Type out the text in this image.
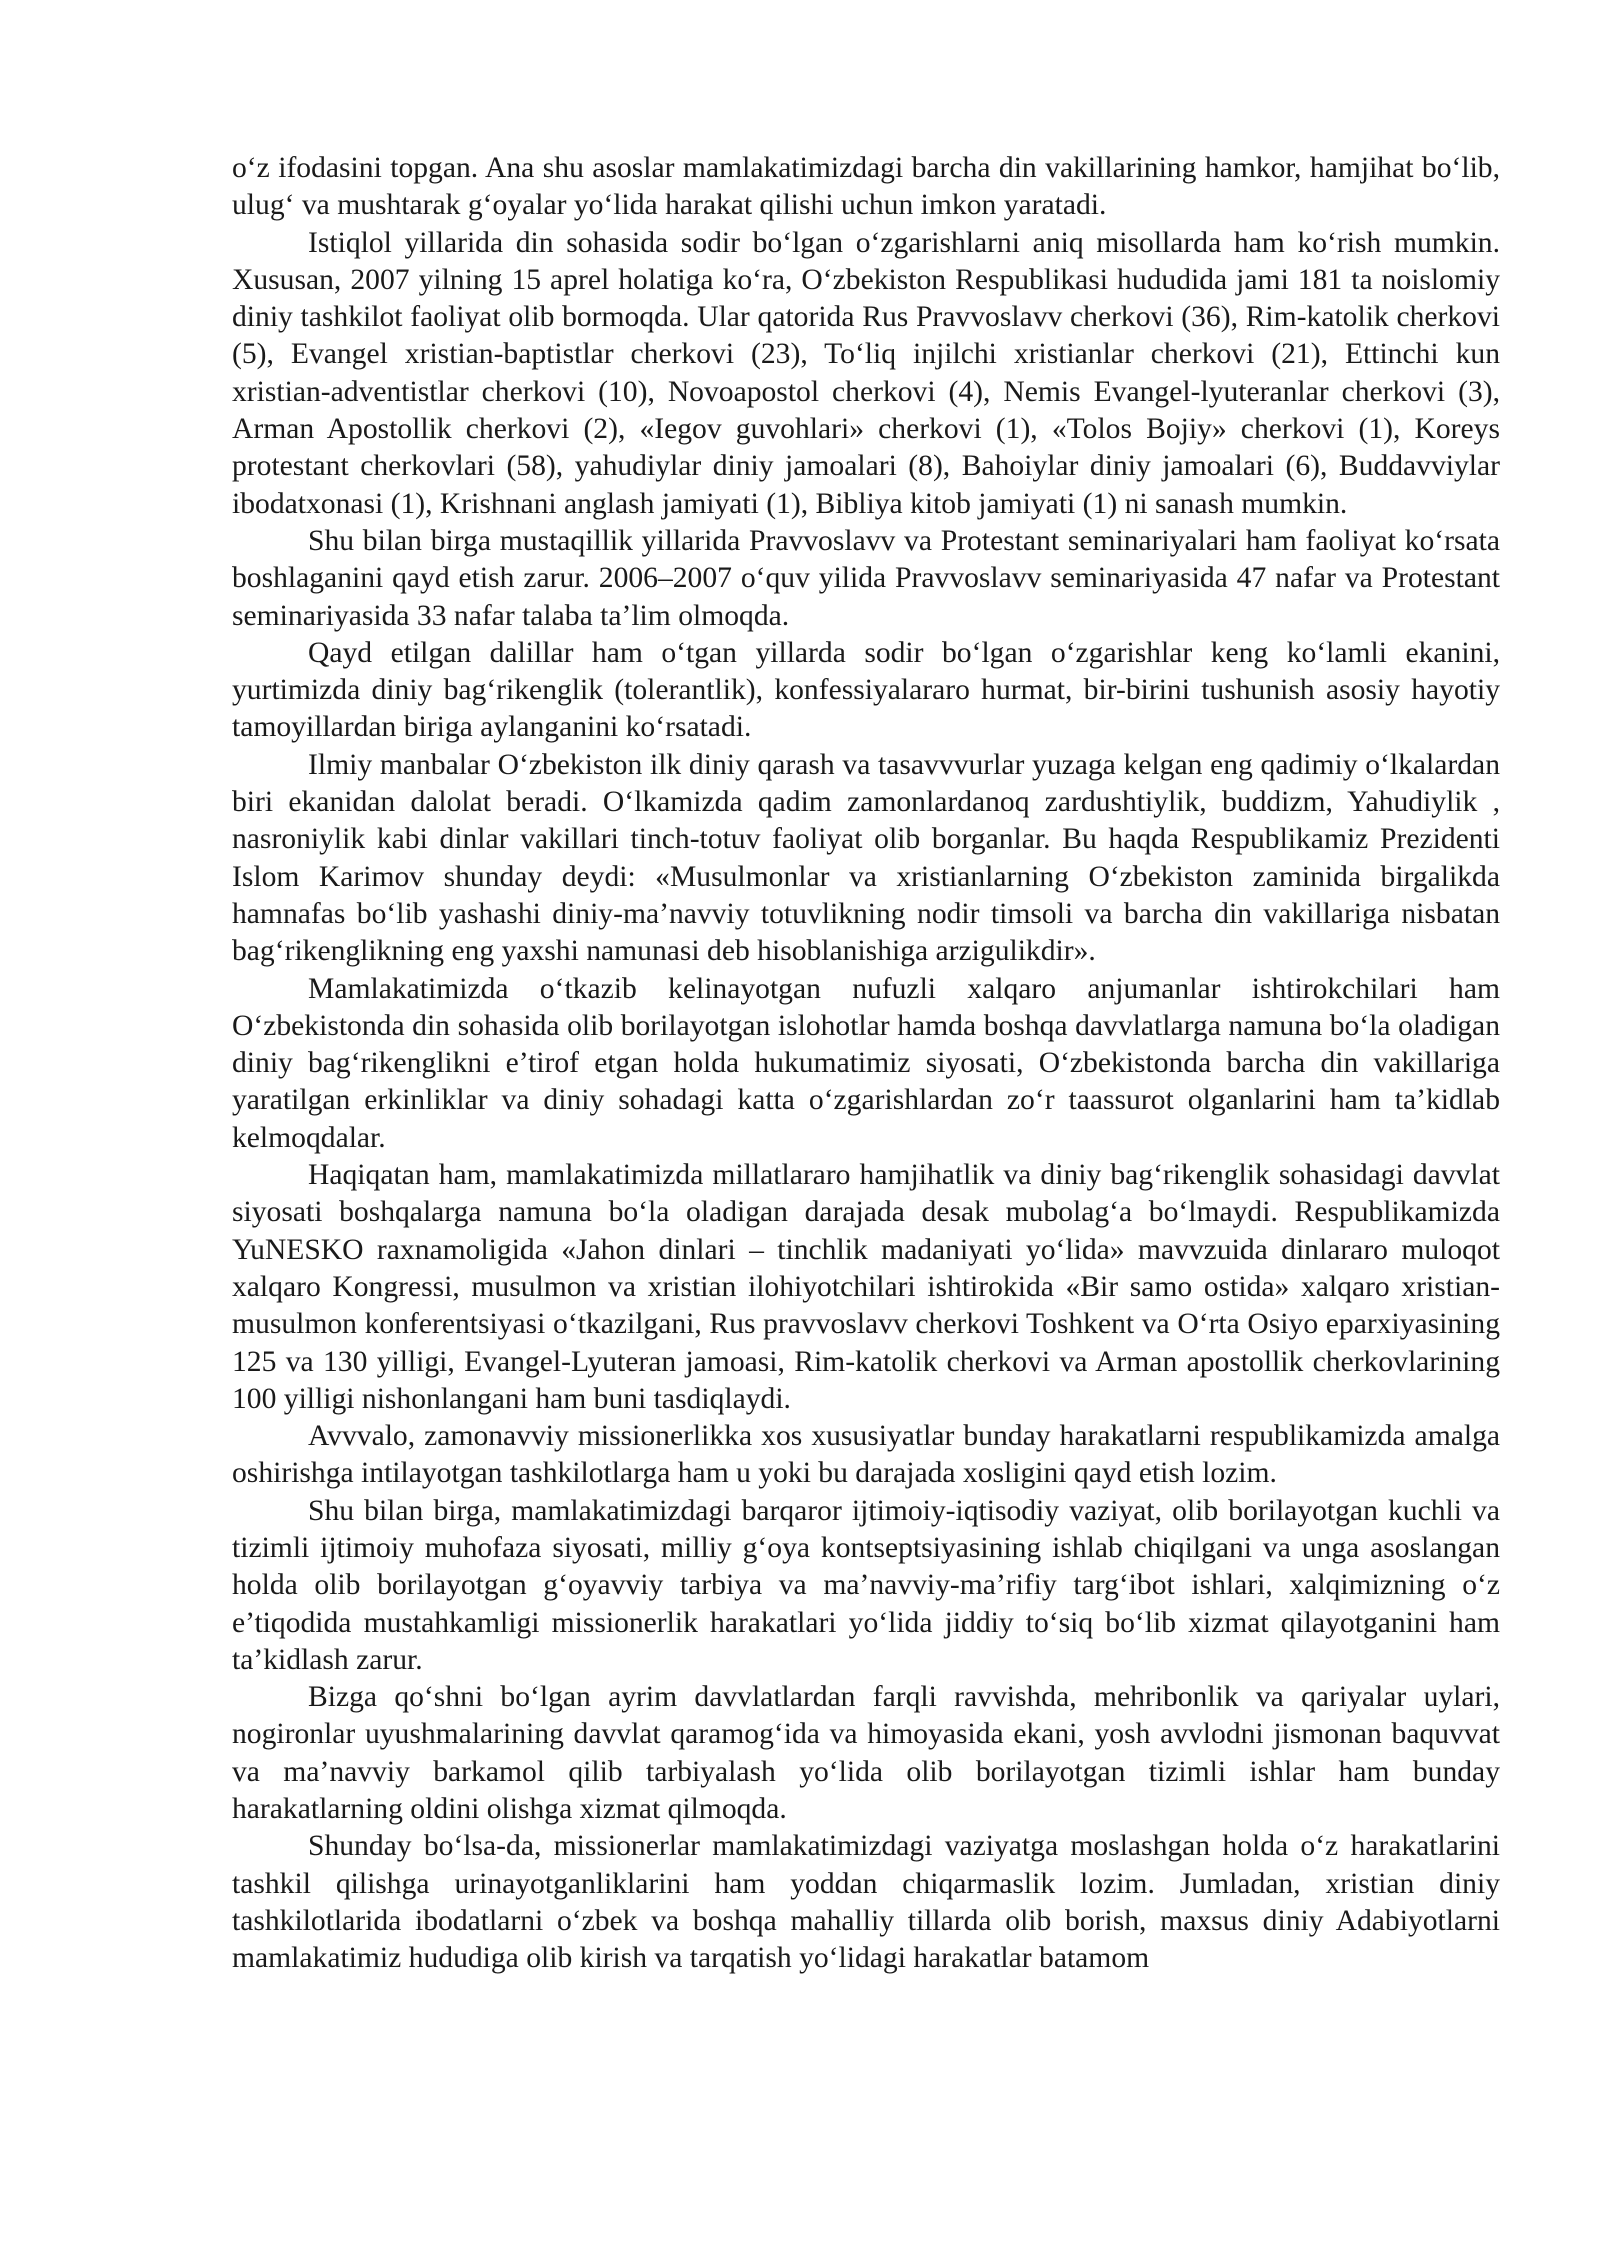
o‘z ifodasini topgan. Ana shu asoslar mamlakatimizdagi barcha din vakillarining hamkor, hamjihat bo‘lib, ulug‘ va mushtarak g‘oyalar yo‘lida harakat qilishi uchun imkon yaratadi.

Istiqlol yillarida din sohasida sodir bo‘lgan o‘zgarishlarni aniq misollarda ham ko‘rish mumkin. Xususan, 2007 yilning 15 aprel holatiga ko‘ra, O‘zbekiston Respublikasi hududida jami 181 ta noislomiy diniy tashkilot faoliyat olib bormoqda. Ular qatorida Rus Pravvoslavv cherkovi (36), Rim-katolik cherkovi (5), Evangel xristian-baptistlar cherkovi (23), To‘liq injilchi xristianlar cherkovi (21), Ettinchi kun xristian-adventistlar cherkovi (10), Novoapostol cherkovi (4), Nemis Evangel-lyuteranlar cherkovi (3), Arman Apostollik cherkovi (2), «Iegov guvohlari» cherkovi (1), «Tolos Bojiy» cherkovi (1), Koreys protestant cherkovlari (58), yahudiylar diniy jamoalari (8), Bahoiylar diniy jamoalari (6), Buddavviylar ibodatxonasi (1), Krishnani anglash jamiyati (1), Bibliya kitob jamiyati (1) ni sanash mumkin.

Shu bilan birga mustaqillik yillarida Pravvoslavv va Protestant seminariyalari ham faoliyat ko‘rsata boshlaganini qayd etish zarur. 2006–2007 o‘quv yilida Pravvoslavv seminariyasida 47 nafar va Protestant seminariyasida 33 nafar talaba ta’lim olmoqda.

Qayd etilgan dalillar ham o‘tgan yillarda sodir bo‘lgan o‘zgarishlar keng ko‘lamli ekanini, yurtimizda diniy bag‘rikenglik (tolerantlik), konfessiyalararo hurmat, bir-birini tushunish asosiy hayotiy tamoyillardan biriga aylanganini ko‘rsatadi.

Ilmiy manbalar O‘zbekiston ilk diniy qarash va tasavvvurlar yuzaga kelgan eng qadimiy o‘lkalardan biri ekanidan dalolat beradi. O‘lkamizda qadim zamonlardanoq zardushtiylik, buddizm, Yahudiylik , nasroniylik kabi dinlar vakillari tinch-totuv faoliyat olib borganlar. Bu haqda Respublikamiz Prezidenti Islom Karimov shunday deydi: «Musulmonlar va xristianlarning O‘zbekiston zaminida birgalikda hamnafas bo‘lib yashashi diniy-ma’navviy totuvlikning nodir timsoli va barcha din vakillariga nisbatan bag‘rikenglikning eng yaxshi namunasi deb hisoblanishiga arzigulikdir».

Mamlakatimizda o‘tkazib kelinayotgan nufuzli xalqaro anjumanlar ishtirokchilari ham O‘zbekistonda din sohasida olib borilayotgan islohotlar hamda boshqa davvlatlarga namuna bo‘la oladigan diniy bag‘rikenglikni e’tirof etgan holda hukumatimiz siyosati, O‘zbekistonda barcha din vakillariga yaratilgan erkinliklar va diniy sohadagi katta o‘zgarishlardan zo‘r taassurot olganlarini ham ta’kidlab kelmoqdalar.

Haqiqatan ham, mamlakatimizda millatlararo hamjihatlik va diniy bag‘rikenglik sohasidagi davvlat siyosati boshqalarga namuna bo‘la oladigan darajada desak mubolag‘a bo‘lmaydi. Respublikamizda YuNESKO raxnamoligida «Jahon dinlari – tinchlik madaniyati yo‘lida» mavvzuida dinlararo muloqot xalqaro Kongressi, musulmon va xristian ilohiyotchilari ishtirokida «Bir samo ostida» xalqaro xristian-musulmon konferentsiyasi o‘tkazilgani, Rus pravvoslavv cherkovi Toshkent va O‘rta Osiyo eparxiyasining 125 va 130 yilligi, Evangel-Lyuteran jamoasi, Rim-katolik cherkovi va Arman apostollik cherkovlarining 100 yilligi nishonlangani ham buni tasdiqlaydi.

Avvvalo, zamonavviy missionerlikka xos xususiyatlar bunday harakatlarni respublikamizda amalga oshirishga intilayotgan tashkilotlarga ham u yoki bu darajada xosligini qayd etish lozim.

Shu bilan birga, mamlakatimizdagi barqaror ijtimoiy-iqtisodiy vaziyat, olib borilayotgan kuchli va tizimli ijtimoiy muhofaza siyosati, milliy g‘oya kontseptsiyasining ishlab chiqilgani va unga asoslangan holda olib borilayotgan g‘oyavviy tarbiya va ma’navviy-ma’rifiy targ‘ibot ishlari, xalqimizning o‘z e’tiqodida mustahkamligi missionerlik harakatlari yo‘lida jiddiy to‘siq bo‘lib xizmat qilayotganini ham ta’kidlash zarur.

Bizga qo‘shni bo‘lgan ayrim davvlatlardan farqli ravvishda, mehribonlik va qariyalar uylari, nogironlar uyushmalarining davvlat qaramog‘ida va himoyasida ekani, yosh avvlodni jismonan baquvvat va ma’navviy barkamol qilib tarbiyalash yo‘lida olib borilayotgan tizimli ishlar ham bunday harakatlarning oldini olishga xizmat qilmoqda.

Shunday bo‘lsa-da, missionerlar mamlakatimizdagi vaziyatga moslashgan holda o‘z harakatlarini tashkil qilishga urinayotganliklarini ham yoddan chiqarmaslik lozim. Jumladan, xristian diniy tashkilotlarida ibodatlarni o‘zbek va boshqa mahalliy tillarda olib borish, maxsus diniy Adabiyotlarni mamlakatimiz hududiga olib kirish va tarqatish yo‘lidagi harakatlar batamom
